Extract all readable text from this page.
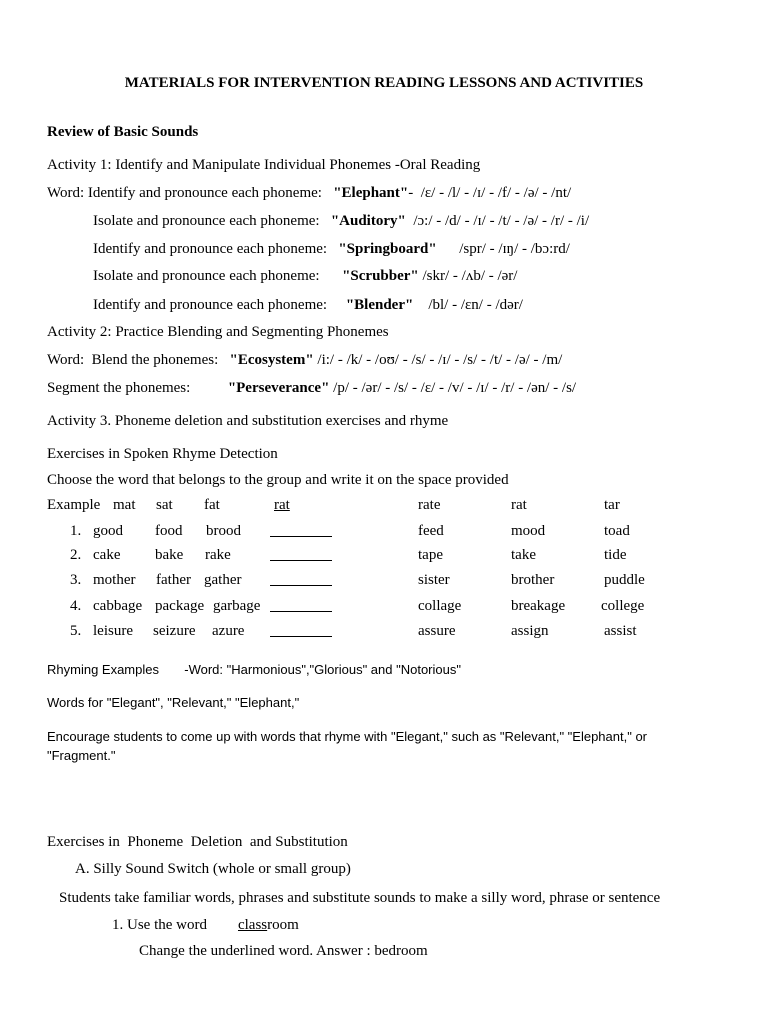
MATERIALS FOR INTERVENTION READING LESSONS AND ACTIVITIES
Review of Basic Sounds
Activity 1: Identify and Manipulate Individual Phonemes -Oral Reading
Word: Identify and pronounce each phoneme:   "Elephant"-  /ɛ/ - /l/ - /ɪ/ - /f/ - /ə/ - /nt/
Isolate and pronounce each phoneme:   "Auditory"  /ɔ:/ - /d/ - /ɪ/ - /t/ - /ə/ - /r/ - /i/
Identify and pronounce each phoneme:   "Springboard"      /spr/ - /ɪŋ/ - /bɔ:rd/
Isolate and pronounce each phoneme:      "Scrubber" /skr/ - /ʌb/ - /ər/
Identify and pronounce each phoneme:     "Blender"    /bl/ - /ɛn/ - /dər/
Activity 2: Practice Blending and Segmenting Phonemes
Word:  Blend the phonemes:   "Ecosystem" /i:/ - /k/ - /oʊ/ - /s/ - /ɪ/ - /s/ - /t/ - /ə/ - /m/
Segment the phonemes:          "Perseverance" /p/ - /ər/ - /s/ - /ɛ/ - /v/ - /ɪ/ - /r/ - /ən/ - /s/
Activity 3. Phoneme deletion and substitution exercises and rhyme
Exercises in Spoken Rhyme Detection
Choose the word that belongs to the group and write it on the space provided
Example mat sat fat	rat	rate	rat	tar
1. good food brood	feed	mood	toad
2. cake bake rake	tape	take	tide
3. mother father gather	sister	brother	puddle
4. cabbage package garbage	collage	breakage college
5. leisure seizure azure	assure	assign	assist
Rhyming Examples -Word: "Harmonious","Glorious" and "Notorious"
Words for "Elegant", "Relevant," "Elephant,"
Encourage students to come up with words that rhyme with "Elegant," such as "Relevant," "Elephant," or
"Fragment."
Exercises in  Phoneme  Deletion  and Substitution
A. Silly Sound Switch (whole or small group)
Students take familiar words, phrases and substitute sounds to make a silly word, phrase or sentence
1. Use the word classroom
Change the underlined word. Answer : bedroom
